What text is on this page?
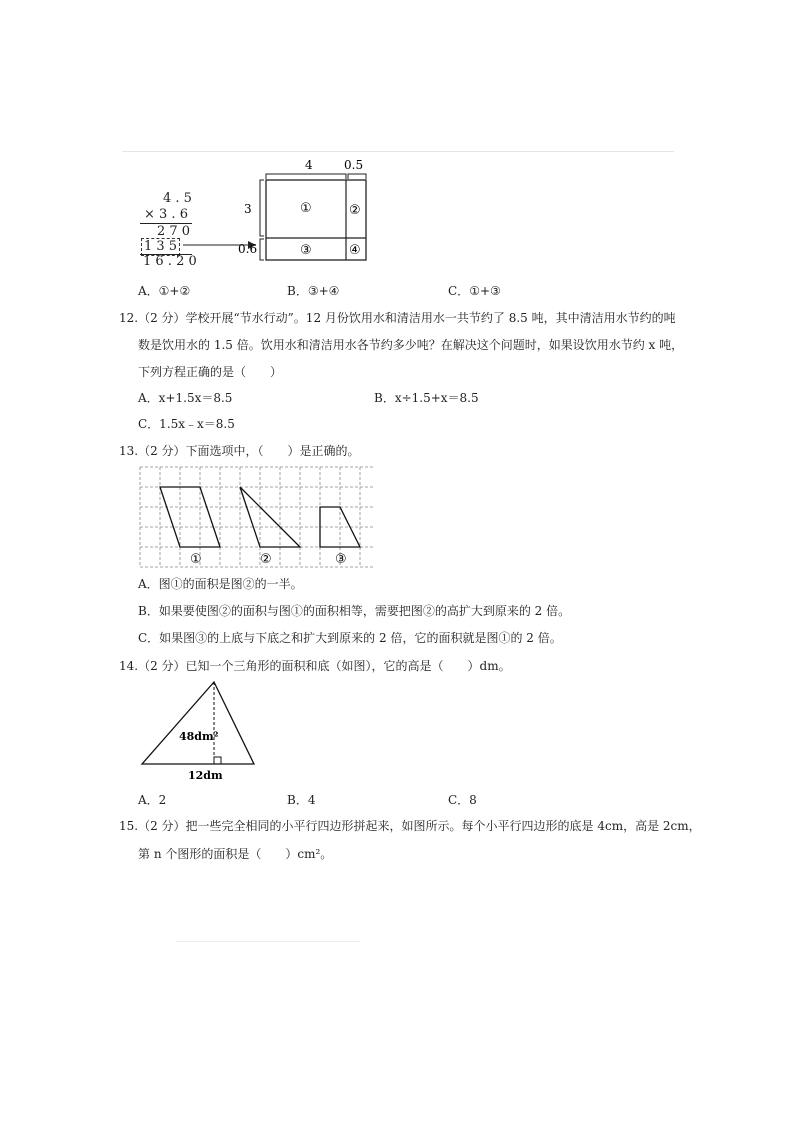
4 . 5
× 3 . 6
2 7 0
1 3 5
1 6 . 2 0
4	0.5
3
0.6
①	②
③	④
A．①+②	B．③+④	C．①+③
12.（2 分）学校开展“节水行动”。12 月份饮用水和清洁用水一共节约了 8.5 吨，其中清洁用水节约的吨
数是饮用水的 1.5 倍。饮用水和清洁用水各节约多少吨？在解决这个问题时，如果设饮用水节约 x 吨，
下列方程正确的是（　　）
A．x+1.5x＝8.5	B．x÷1.5+x＝8.5
C．1.5x﹣x＝8.5
13.（2 分）下面选项中，（　　）是正确的。
①	②	③
A．图①的面积是图②的一半。
B．如果要使图②的面积与图①的面积相等，需要把图②的高扩大到原来的 2 倍。
C．如果图③的上底与下底之和扩大到原来的 2 倍，它的面积就是图①的 2 倍。
14.（2 分）已知一个三角形的面积和底（如图），它的高是（　　）dm。
48dm²
12dm
A．2	B．4	C．8
15.（2 分）把一些完全相同的小平行四边形拼起来，如图所示。每个小平行四边形的底是 4cm，高是 2cm，
第 n 个图形的面积是（　　）cm²。
